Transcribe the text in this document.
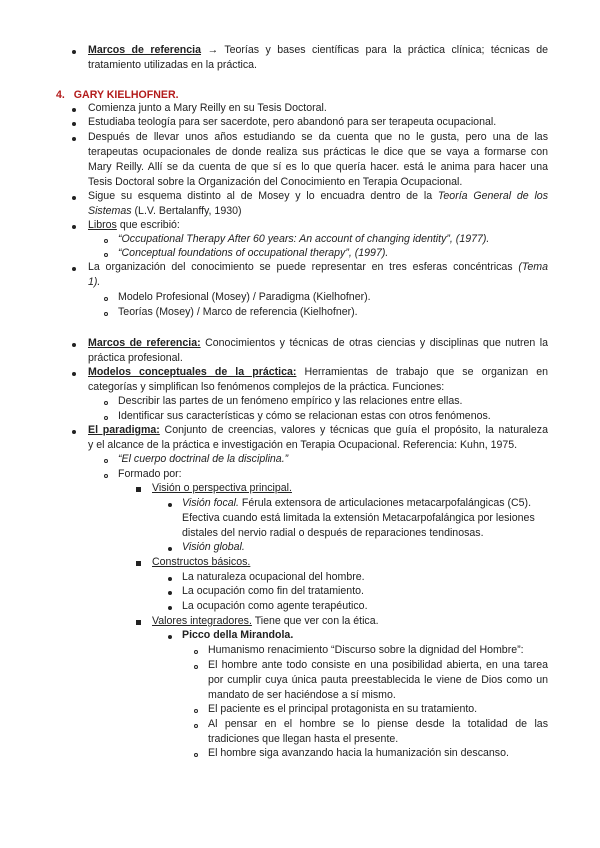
Marcos de referencia → Teorías y bases científicas para la práctica clínica; técnicas de
tratamiento utilizadas en la práctica.
4. GARY KIELHOFNER.
Comienza junto a Mary Reilly en su Tesis Doctoral.
Estudiaba teología para ser sacerdote, pero abandonó para ser terapeuta ocupacional.
Después de llevar unos años estudiando se da cuenta que no le gusta, pero una de las
terapeutas ocupacionales de donde realiza sus prácticas le dice que se vaya a formarse con
Mary Reilly. Allí se da cuenta de que sí es lo que quería hacer. está le anima para hacer una
Tesis Doctoral sobre la Organización del Conocimiento en Terapia Ocupacional.
Sigue su esquema distinto al de Mosey y lo encuadra dentro de la Teoría General de los
Sistemas (L.V. Bertalanffy, 1930)
Libros que escribió:
“Occupational Therapy After 60 years: An account of changing identity”, (1977).
“Conceptual foundations of occupational therapy”, (1997).
La organización del conocimiento se puede representar en tres esferas concéntricas (Tema
1).
Modelo Profesional (Mosey) / Paradigma (Kielhofner).
Teorías (Mosey) / Marco de referencia (Kielhofner).
Marcos de referencia: Conocimientos y técnicas de otras ciencias y disciplinas que nutren la
práctica profesional.
Modelos conceptuales de la práctica: Herramientas de trabajo que se organizan en
categorías y simplifican lso fenómenos complejos de la práctica. Funciones:
Describir las partes de un fenómeno empírico y las relaciones entre ellas.
Identificar sus características y cómo se relacionan estas con otros fenómenos.
El paradigma: Conjunto de creencias, valores y técnicas que guía el propósito, la naturaleza
y el alcance de la práctica e investigación en Terapia Ocupacional. Referencia: Kuhn, 1975.
“El cuerpo doctrinal de la disciplina.”
Formado por:
Visión o perspectiva principal.
Visión focal. Férula extensora de articulaciones metacarpofalángicas (C5).
Efectiva cuando está limitada la extensión Metacarpofalángica por lesiones
distales del nervio radial o después de reparaciones tendinosas.
Visión global.
Constructos básicos.
La naturaleza ocupacional del hombre.
La ocupación como fin del tratamiento.
La ocupación como agente terapéutico.
Valores integradores. Tiene que ver con la ética.
Picco della Mirandola.
Humanismo renacimiento “Discurso sobre la dignidad del Hombre”:
El hombre ante todo consiste en una posibilidad abierta, en una tarea
por cumplir cuya única pauta preestablecida le viene de Dios como un
mandato de ser haciéndose a sí mismo.
El paciente es el principal protagonista en su tratamiento.
Al pensar en el hombre se lo piense desde la totalidad de las
tradiciones que llegan hasta el presente.
El hombre siga avanzando hacia la humanización sin descanso.
